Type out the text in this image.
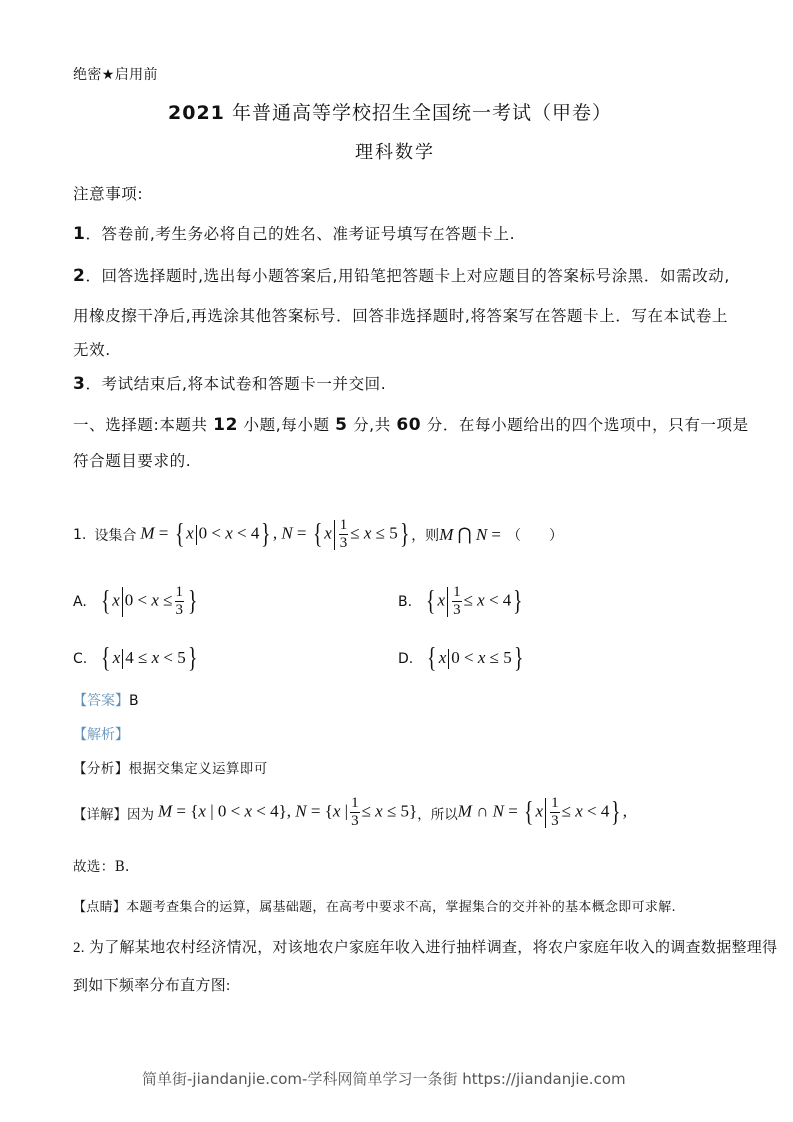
绝密★启用前
2021 年普通高等学校招生全国统一考试（甲卷）
理科数学
注意事项:
1．答卷前,考生务必将自己的姓名、准考证号填写在答题卡上.
2．回答选择题时,选出每小题答案后,用铅笔把答题卡上对应题目的答案标号涂黑．如需改动,
用橡皮擦干净后,再选涂其他答案标号．回答非选择题时,将答案写在答题卡上．写在本试卷上
无效.
3．考试结束后,将本试卷和答题卡一并交回.
一、选择题:本题共 12 小题,每小题 5 分,共 60 分．在每小题给出的四个选项中，只有一项是
符合题目要求的.
1. 设集合 M = { x 0 < x < 4} , N = { x $\frac{1}{3} \le x \le 5$} ，则 M ⋂ N = （　　）
A. { x $0 < x \le \frac{1}{3}$ }	B. { x $\frac{1}{3} \le x < 4$}
C. { x 4 ≤ x < 5}	D. { x 0 < x ≤ 5}
【答案】B
【解析】
【分析】根据交集定义运算即可
【详解】 因为 M = {x | 0 < x < 4}, N = {x | $\frac{1}{3} \le x \le 5$} ，所以 M ∩ N = { x $\frac{1}{3} \le x < 4$} ,
故选：B.
【点睛】本题考查集合的运算，属基础题，在高考中要求不高，掌握集合的交并补的基本概念即可求解.
2. 为了解某地农村经济情况，对该地农户家庭年收入进行抽样调查，将农户家庭年收入的调查数据整理得
到如下频率分布直方图:
简单街-jiandanjie.com-学科网简单学习一条街 https://jiandanjie.com
